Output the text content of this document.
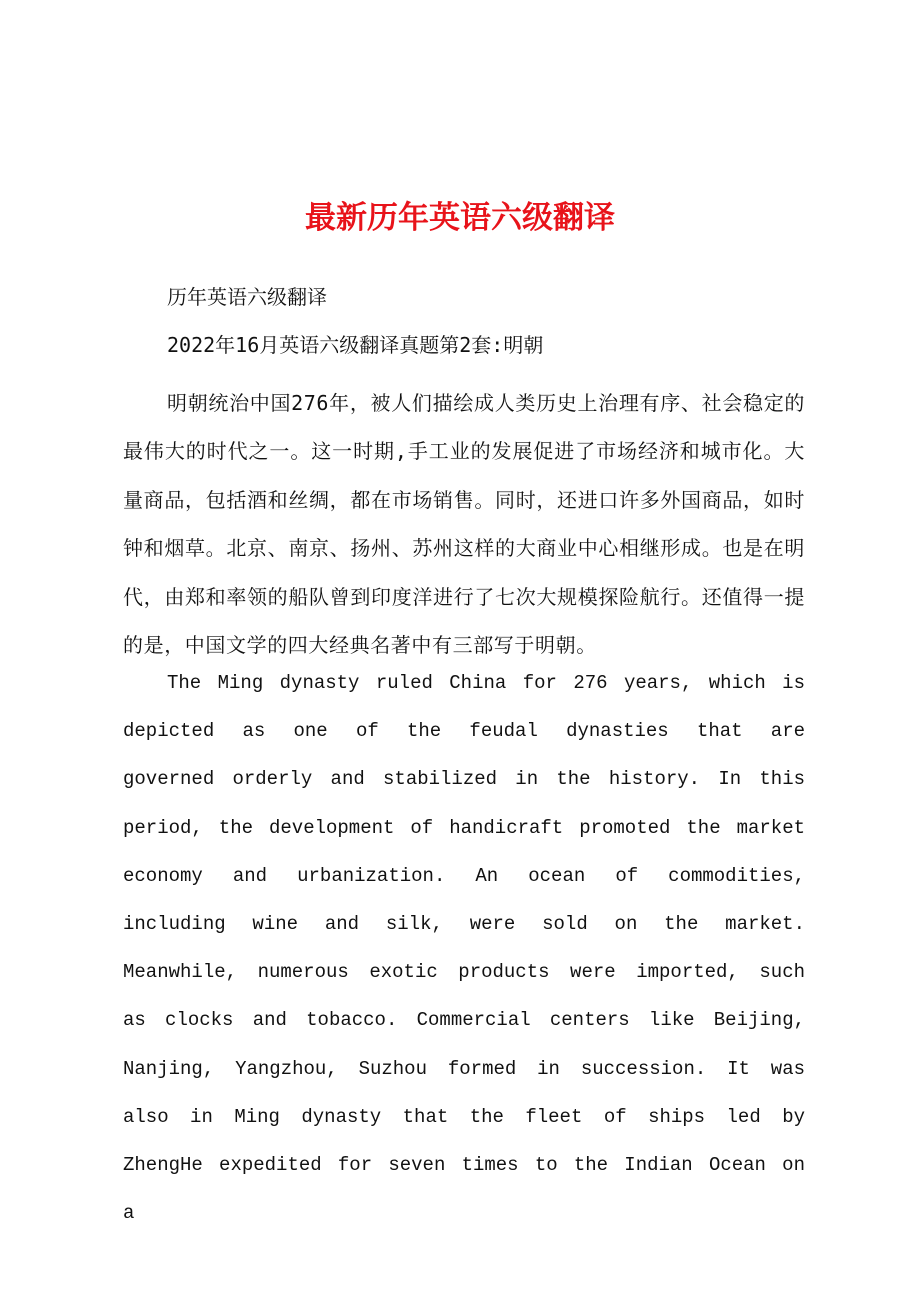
最新历年英语六级翻译

历年英语六级翻译

2022年16月英语六级翻译真题第2套:明朝

明朝统治中国276年，被人们描绘成人类历史上治理有序、社会稳定的最伟大的时代之一。这一时期,手工业的发展促进了市场经济和城市化。大量商品，包括酒和丝绸，都在市场销售。同时，还进口许多外国商品，如时钟和烟草。北京、南京、扬州、苏州这样的大商业中心相继形成。也是在明代，由郑和率领的船队曾到印度洋进行了七次大规模探险航行。还值得一提的是，中国文学的四大经典名著中有三部写于明朝。

The Ming dynasty ruled China for 276 years, which is depicted as one of the feudal dynasties that are governed orderly and stabilized in the history. In this period, the development of handicraft promoted the market economy and urbanization. An ocean of commodities, including wine and silk, were sold on the market. Meanwhile, numerous exotic products were imported, such as clocks and tobacco. Commercial centers like Beijing, Nanjing, Yangzhou, Suzhou formed in succession. It was also in Ming dynasty that the fleet of ships led by ZhengHe expedited for seven times to the Indian Ocean on a
